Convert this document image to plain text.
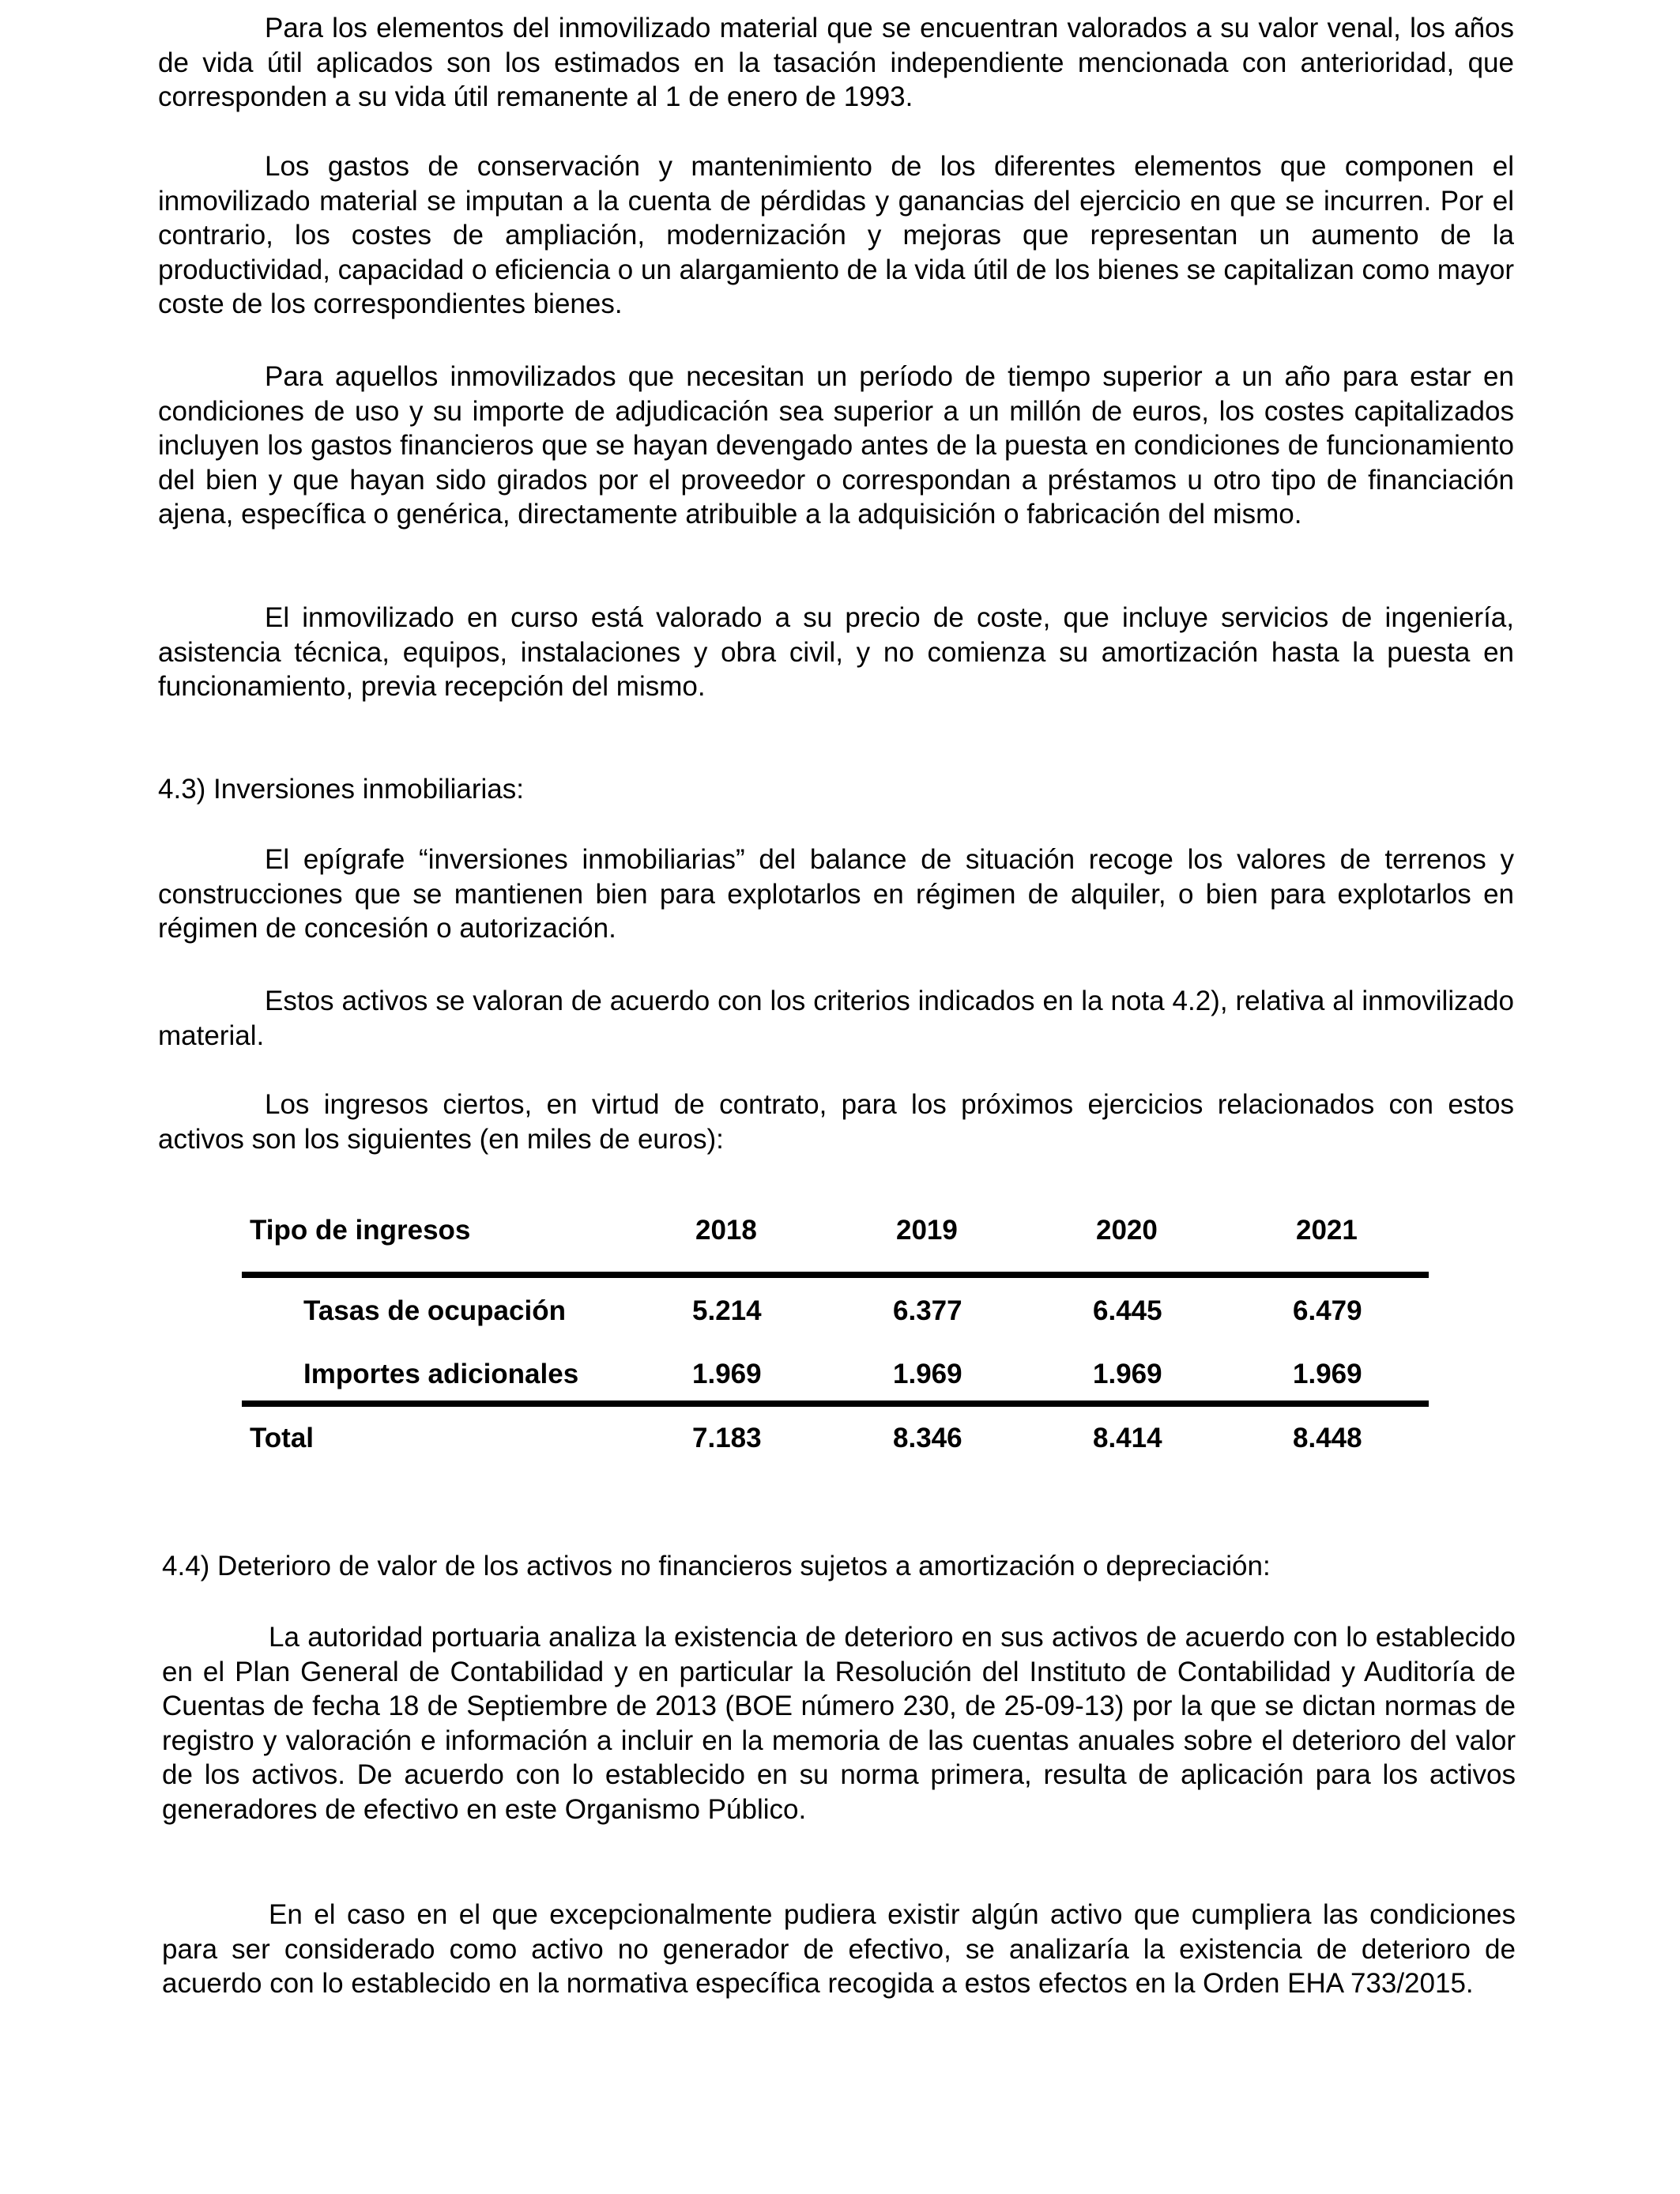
Para los elementos del inmovilizado material que se encuentran valorados a su valor venal, los años de vida útil aplicados son los estimados en la tasación independiente mencionada con anterioridad, que corresponden a su vida útil remanente al 1 de enero de 1993.

Los gastos de conservación y mantenimiento de los diferentes elementos que componen el inmovilizado material se imputan a la cuenta de pérdidas y ganancias del ejercicio en que se incurren. Por el contrario, los costes de ampliación, modernización y mejoras que representan un aumento de la productividad, capacidad o eficiencia o un alargamiento de la vida útil de los bienes se capitalizan como mayor coste de los correspondientes bienes.

Para aquellos inmovilizados que necesitan un período de tiempo superior a un año para estar en condiciones de uso y su importe de adjudicación sea superior a un millón de euros, los costes capitalizados incluyen los gastos financieros que se hayan devengado antes de la puesta en condiciones de funcionamiento del bien y que hayan sido girados por el proveedor o correspondan a préstamos u otro tipo de financiación ajena, específica o genérica, directamente atribuible a la adquisición o fabricación del mismo.

El inmovilizado en curso está valorado a su precio de coste, que incluye servicios de ingeniería, asistencia técnica, equipos, instalaciones y obra civil, y no comienza su amortización hasta la puesta en funcionamiento, previa recepción del mismo.

4.3) Inversiones inmobiliarias:

El epígrafe “inversiones inmobiliarias” del balance de situación recoge los valores de terrenos y construcciones que se mantienen bien para explotarlos en régimen de alquiler, o bien para explotarlos en régimen de concesión o autorización.

Estos activos se valoran de acuerdo con los criterios indicados en la nota 4.2), relativa al inmovilizado material.

Los ingresos ciertos, en virtud de contrato, para los próximos ejercicios relacionados con estos activos son los siguientes (en miles de euros):

Tipo de ingresos	2018	2019	2020	2021
Tasas de ocupación	5.214	6.377	6.445	6.479
Importes adicionales	1.969	1.969	1.969	1.969
Total	7.183	8.346	8.414	8.448
4.4) Deterioro de valor de los activos no financieros sujetos a amortización o depreciación:

La autoridad portuaria analiza la existencia de deterioro en sus activos de acuerdo con lo establecido en el Plan General de Contabilidad y en particular la Resolución del Instituto de Contabilidad y Auditoría de Cuentas de fecha 18 de Septiembre de 2013 (BOE número 230, de 25-09-13) por la que se dictan normas de registro y valoración e información a incluir en la memoria de las cuentas anuales sobre el deterioro del valor de los activos. De acuerdo con lo establecido en su norma primera, resulta de aplicación para los activos generadores de efectivo en este Organismo Público.

En el caso en el que excepcionalmente pudiera existir algún activo que cumpliera las condiciones para ser considerado como activo no generador de efectivo, se analizaría la existencia de deterioro de acuerdo con lo establecido en la normativa específica recogida a estos efectos en la Orden EHA 733/2015.
